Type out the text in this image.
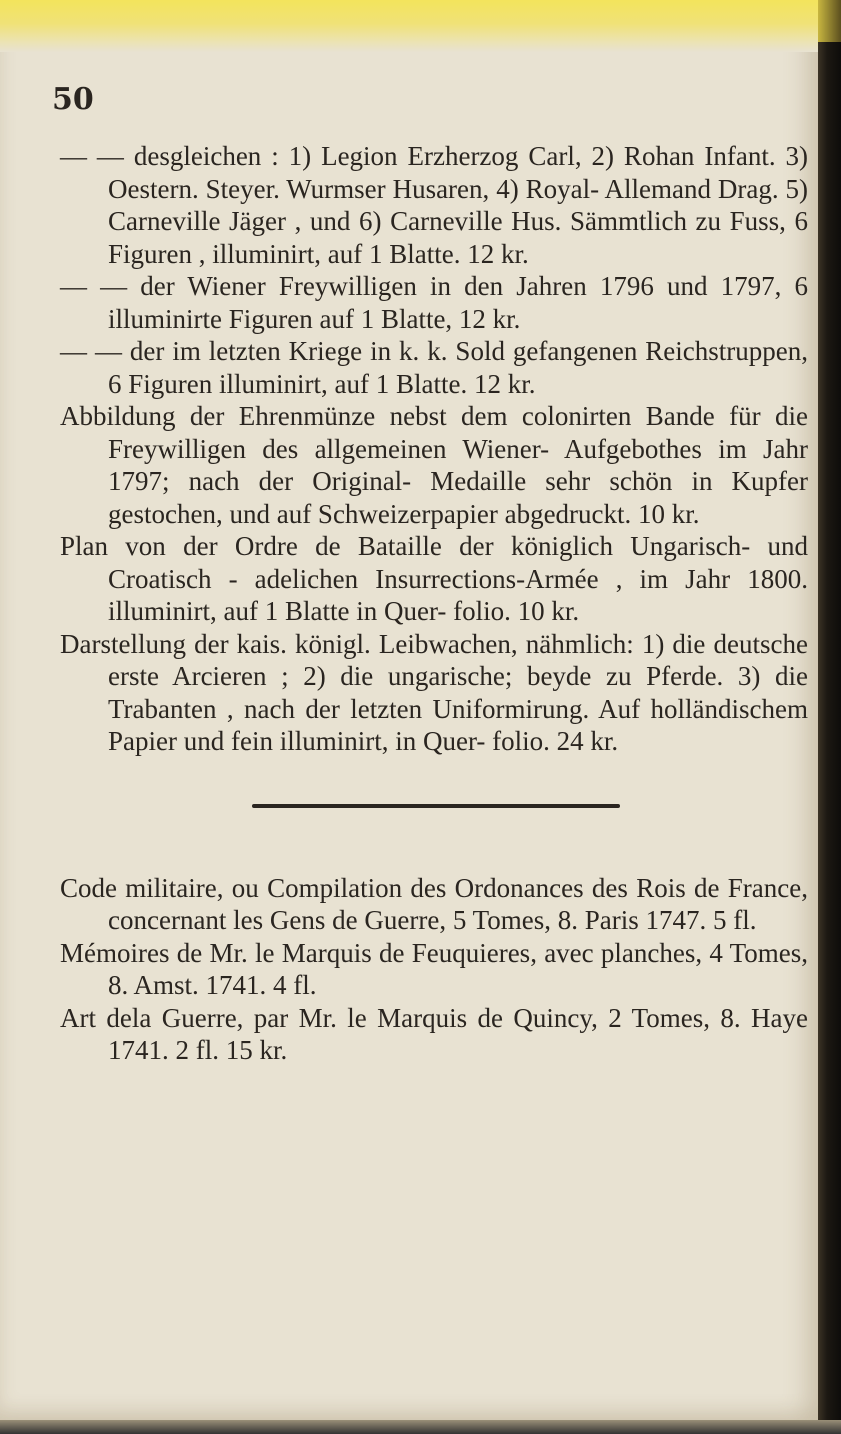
50

— — desgleichen : 1) Legion Erzherzog Carl, 2) Rohan Infant. 3) Oestern. Steyer. Wurmser Husaren, 4) Royal- Allemand Drag. 5) Carneville Jäger , und 6) Carneville Hus. Sämmtlich zu Fuss, 6 Figuren , illuminirt, auf 1 Blatte. 12 kr.

— — der Wiener Freywilligen in den Jahren 1796 und 1797, 6 illuminirte Figuren auf 1 Blatte, 12 kr.

— — der im letzten Kriege in k. k. Sold gefangenen Reichstruppen, 6 Figuren illuminirt, auf 1 Blatte. 12 kr.

Abbildung der Ehrenmünze nebst dem colonirten Bande für die Freywilligen des allgemeinen Wiener- Aufgebothes im Jahr 1797; nach der Original- Medaille sehr schön in Kupfer gestochen, und auf Schweizerpapier abgedruckt. 10 kr.

Plan von der Ordre de Bataille der königlich Ungarisch- und Croatisch - adelichen Insurrections-Armée , im Jahr 1800. illuminirt, auf 1 Blatte in Quer- folio. 10 kr.

Darstellung der kais. königl. Leibwachen, nähmlich: 1) die deutsche erste Arcieren ; 2) die ungarische; beyde zu Pferde. 3) die Trabanten , nach der letzten Uniformirung. Auf holländischem Papier und fein illuminirt, in Quer- folio. 24 kr.

Code militaire, ou Compilation des Ordonances des Rois de France, concernant les Gens de Guerre, 5 Tomes, 8. Paris 1747. 5 fl.

Mémoires de Mr. le Marquis de Feuquieres, avec planches, 4 Tomes, 8. Amst. 1741. 4 fl.

Art dela Guerre, par Mr. le Marquis de Quincy, 2 Tomes, 8. Haye 1741. 2 fl. 15 kr.
